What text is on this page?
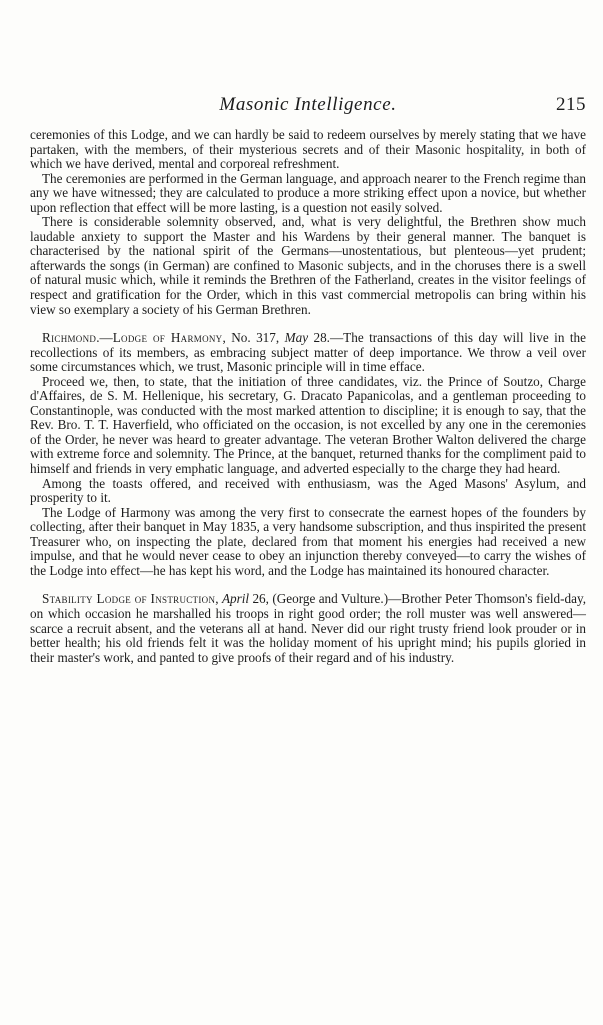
Masonic Intelligence.	215

ceremonies of this Lodge, and we can hardly be said to redeem ourselves by merely stating that we have partaken, with the members, of their mysterious secrets and of their Masonic hospitality, in both of which we have derived, mental and corporeal refreshment.

The ceremonies are performed in the German language, and approach nearer to the French regime than any we have witnessed; they are calculated to produce a more striking effect upon a novice, but whether upon reflection that effect will be more lasting, is a question not easily solved.

There is considerable solemnity observed, and, what is very delightful, the Brethren show much laudable anxiety to support the Master and his Wardens by their general manner. The banquet is characterised by the national spirit of the Germans—unostentatious, but plenteous—yet prudent; afterwards the songs (in German) are confined to Masonic subjects, and in the choruses there is a swell of natural music which, while it reminds the Brethren of the Fatherland, creates in the visitor feelings of respect and gratification for the Order, which in this vast commercial metropolis can bring within his view so exemplary a society of his German Brethren.

Richmond.—Lodge of Harmony, No. 317, May 28.—The transactions of this day will live in the recollections of its members, as embracing subject matter of deep importance. We throw a veil over some circumstances which, we trust, Masonic principle will in time efface.

Proceed we, then, to state, that the initiation of three candidates, viz. the Prince of Soutzo, Charge d'Affaires, de S. M. Hellenique, his secretary, G. Dracato Papanicolas, and a gentleman proceeding to Constantinople, was conducted with the most marked attention to discipline; it is enough to say, that the Rev. Bro. T. T. Haverfield, who officiated on the occasion, is not excelled by any one in the ceremonies of the Order, he never was heard to greater advantage. The veteran Brother Walton delivered the charge with extreme force and solemnity. The Prince, at the banquet, returned thanks for the compliment paid to himself and friends in very emphatic language, and adverted especially to the charge they had heard.

Among the toasts offered, and received with enthusiasm, was the Aged Masons' Asylum, and prosperity to it.

The Lodge of Harmony was among the very first to consecrate the earnest hopes of the founders by collecting, after their banquet in May 1835, a very handsome subscription, and thus inspirited the present Treasurer who, on inspecting the plate, declared from that moment his energies had received a new impulse, and that he would never cease to obey an injunction thereby conveyed—to carry the wishes of the Lodge into effect—he has kept his word, and the Lodge has maintained its honoured character.

Stability Lodge of Instruction, April 26, (George and Vulture.)—Brother Peter Thomson's field-day, on which occasion he marshalled his troops in right good order; the roll muster was well answered—scarce a recruit absent, and the veterans all at hand. Never did our right trusty friend look prouder or in better health; his old friends felt it was the holiday moment of his upright mind; his pupils gloried in their master's work, and panted to give proofs of their regard and of his industry.
